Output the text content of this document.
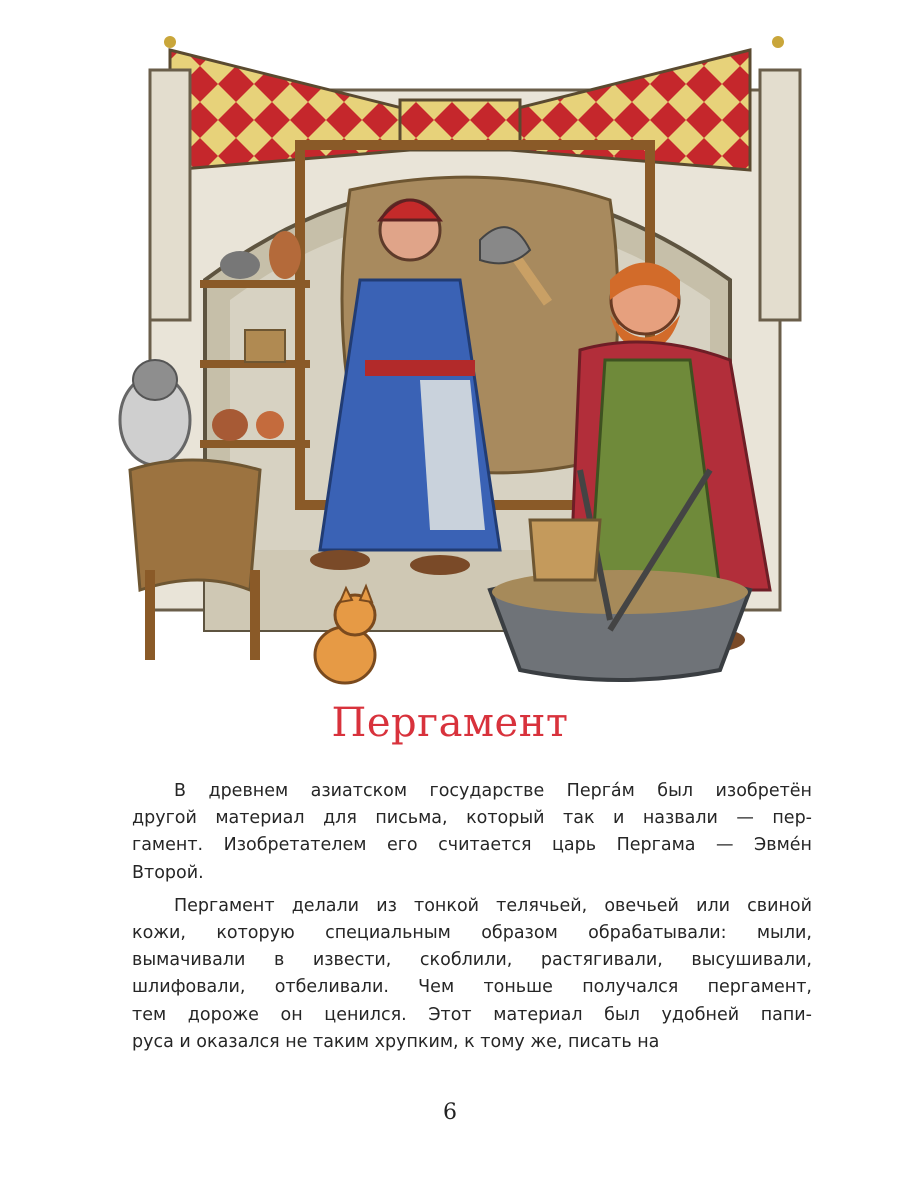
Пергамент

В древнем азиатском государстве Пергáм был изобретён
другой материал для письма, который так и назвали — пер-
гамент. Изобретателем его считается царь Пергама — Эвмéн
Второй.

Пергамент делали из тонкой телячьей, овечьей или свиной
кожи, которую специальным образом обрабатывали: мыли,
вымачивали в извести, скоблили, растягивали, высушивали,
шлифовали, отбеливали. Чем тоньше получался пергамент,
тем дороже он ценился. Этот материал был удобней папи-
руса и оказался не таким хрупким, к тому же, писать на

6
